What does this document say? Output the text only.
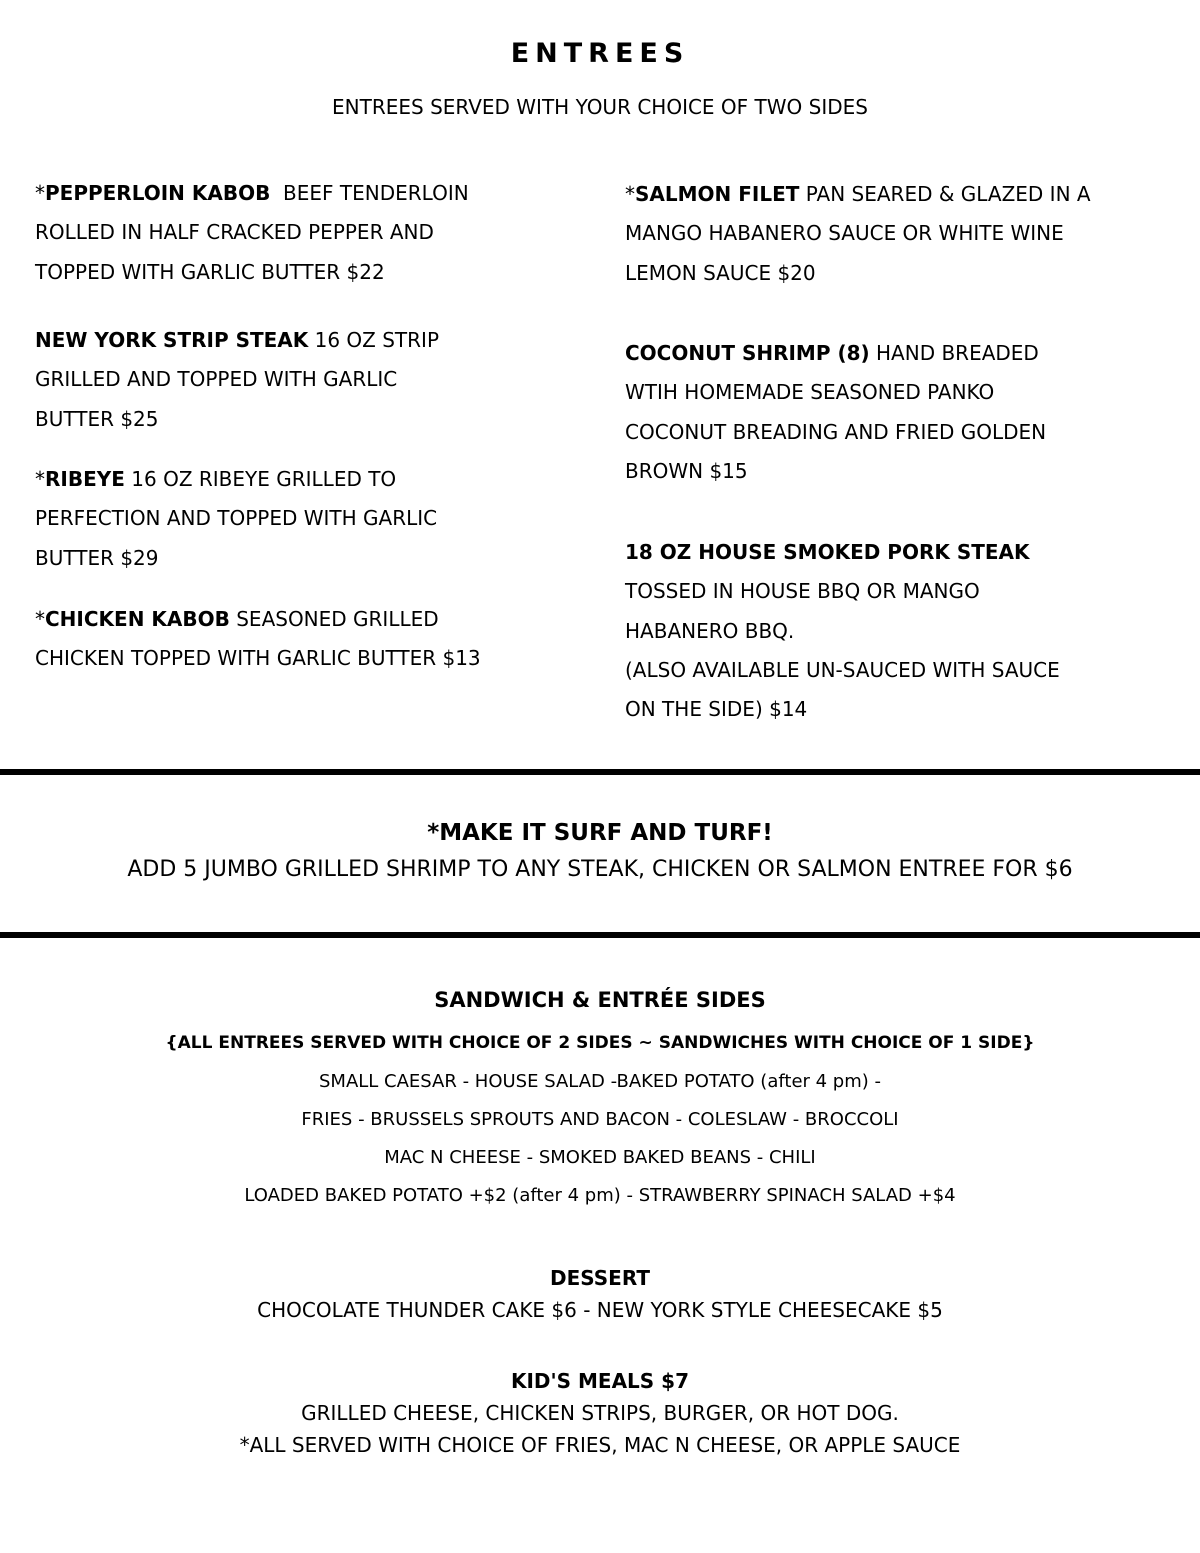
ENTREES
ENTREES SERVED WITH YOUR CHOICE OF TWO SIDES
*PEPPERLOIN KABOB  BEEF TENDERLOIN
ROLLED IN HALF CRACKED PEPPER AND
TOPPED WITH GARLIC BUTTER $22
NEW YORK STRIP STEAK 16 OZ STRIP
GRILLED AND TOPPED WITH GARLIC
BUTTER $25
*RIBEYE 16 OZ RIBEYE GRILLED TO
PERFECTION AND TOPPED WITH GARLIC
BUTTER $29
*CHICKEN KABOB SEASONED GRILLED
CHICKEN TOPPED WITH GARLIC BUTTER $13
*SALMON FILET PAN SEARED & GLAZED IN A
MANGO HABANERO SAUCE OR WHITE WINE
LEMON SAUCE $20
COCONUT SHRIMP (8) HAND BREADED
WTIH HOMEMADE SEASONED PANKO
COCONUT BREADING AND FRIED GOLDEN
BROWN $15
18 OZ HOUSE SMOKED PORK STEAK
TOSSED IN HOUSE BBQ OR MANGO
HABANERO BBQ.
(ALSO AVAILABLE UN-SAUCED WITH SAUCE
ON THE SIDE) $14
*MAKE IT SURF AND TURF!
ADD 5 JUMBO GRILLED SHRIMP TO ANY STEAK, CHICKEN OR SALMON ENTREE FOR $6
SANDWICH & ENTRÉE SIDES
{ALL ENTREES SERVED WITH CHOICE OF 2 SIDES ~ SANDWICHES WITH CHOICE OF 1 SIDE}
SMALL CAESAR - HOUSE SALAD -BAKED POTATO (after 4 pm) -
FRIES - BRUSSELS SPROUTS AND BACON - COLESLAW - BROCCOLI
MAC N CHEESE - SMOKED BAKED BEANS - CHILI
LOADED BAKED POTATO +$2 (after 4 pm) - STRAWBERRY SPINACH SALAD +$4
DESSERT
CHOCOLATE THUNDER CAKE $6 - NEW YORK STYLE CHEESECAKE $5
KID'S MEALS $7
GRILLED CHEESE, CHICKEN STRIPS, BURGER, OR HOT DOG.
*ALL SERVED WITH CHOICE OF FRIES, MAC N CHEESE, OR APPLE SAUCE
